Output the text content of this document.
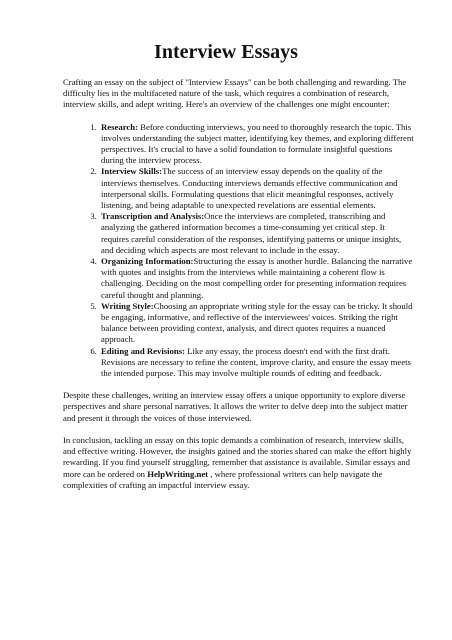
Interview Essays

Crafting an essay on the subject of "Interview Essays" can be both challenging and rewarding. The difficulty lies in the multifaceted nature of the task, which requires a combination of research, interview skills, and adept writing. Here's an overview of the challenges one might encounter:

1. Research: Before conducting interviews, you need to thoroughly research the topic. This involves understanding the subject matter, identifying key themes, and exploring different perspectives. It's crucial to have a solid foundation to formulate insightful questions during the interview process.
2. Interview Skills:The success of an interview essay depends on the quality of the interviews themselves. Conducting interviews demands effective communication and interpersonal skills. Formulating questions that elicit meaningful responses, actively listening, and being adaptable to unexpected revelations are essential elements.
3. Transcription and Analysis:Once the interviews are completed, transcribing and analyzing the gathered information becomes a time-consuming yet critical step. It requires careful consideration of the responses, identifying patterns or unique insights, and deciding which aspects are most relevant to include in the essay.
4. Organizing Information:Structuring the essay is another hurdle. Balancing the narrative with quotes and insights from the interviews while maintaining a coherent flow is challenging. Deciding on the most compelling order for presenting information requires careful thought and planning.
5. Writing Style:Choosing an appropriate writing style for the essay can be tricky. It should be engaging, informative, and reflective of the interviewees' voices. Striking the right balance between providing context, analysis, and direct quotes requires a nuanced approach.
6. Editing and Revisions: Like any essay, the process doesn't end with the first draft. Revisions are necessary to refine the content, improve clarity, and ensure the essay meets the intended purpose. This may involve multiple rounds of editing and feedback.

Despite these challenges, writing an interview essay offers a unique opportunity to explore diverse perspectives and share personal narratives. It allows the writer to delve deep into the subject matter and present it through the voices of those interviewed.

In conclusion, tackling an essay on this topic demands a combination of research, interview skills, and effective writing. However, the insights gained and the stories shared can make the effort highly rewarding. If you find yourself struggling, remember that assistance is available. Similar essays and more can be ordered on HelpWriting.net , where professional writers can help navigate the complexities of crafting an impactful interview essay.
